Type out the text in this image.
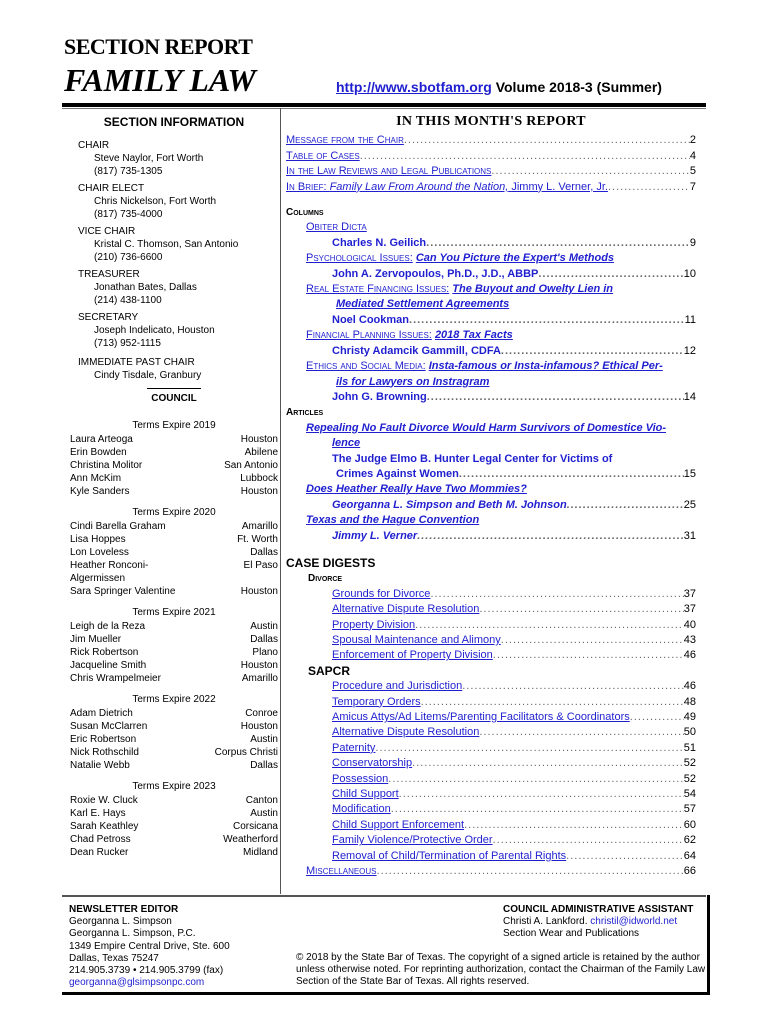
SECTION REPORT
FAMILY LAW	http://www.sbotfam.org Volume 2018-3 (Summer)
SECTION INFORMATION
CHAIR
Steve Naylor, Fort Worth
(817) 735-1305
CHAIR ELECT
Chris Nickelson, Fort Worth
(817) 735-4000
VICE CHAIR
Kristal C. Thomson, San Antonio
(210) 736-6600
TREASURER
Jonathan Bates, Dallas
(214) 438-1100
SECRETARY
Joseph Indelicato, Houston
(713) 952-1115
IMMEDIATE PAST CHAIR
Cindy Tisdale, Granbury
COUNCIL
Terms Expire 2019
Laura Arteoga	Houston
Erin Bowden	Abilene
Christina Molitor	San Antonio
Ann McKim	Lubbock
Kyle Sanders	Houston
Terms Expire 2020
Cindi Barella Graham	Amarillo
Lisa Hoppes	Ft. Worth
Lon Loveless	Dallas
Heather Ronconi-Algermissen
El Paso
Sara Springer Valentine	Houston
Terms Expire 2021
Leigh de la Reza	Austin
Jim Mueller	Dallas
Rick Robertson	Plano
Jacqueline Smith	Houston
Chris Wrampelmeier	Amarillo
Terms Expire 2022
Adam Dietrich	Conroe
Susan McClarren	Houston
Eric Robertson	Austin
Nick Rothschild	Corpus Christi
Natalie Webb	Dallas
Terms Expire 2023
Roxie W. Cluck	Canton
Karl E. Hays	Austin
Sarah Keathley	Corsicana
Chad Petross	Weatherford
Dean Rucker	Midland
IN THIS MONTH'S REPORT
Message from the Chair .....	2
Table of Cases .....	4
In the Law Reviews and Legal Publications .....	5
In Brief: Family Law From Around the Nation, Jimmy L. Verner, Jr. .....	7
Columns
Obiter Dicta
Charles N. Geilich .....	9
Psychological Issues: Can You Picture the Expert's Methods
John A. Zervopoulos, Ph.D., J.D., ABBP .....	10
Real Estate Financing Issues: The Buyout and Owelty Lien in
Mediated Settlement Agreements
Noel Cookman .....	11
Financial Planning Issues: 2018 Tax Facts
Christy Adamcik Gammill, CDFA .....	12
Ethics and Social Media: Insta-famous or Insta-infamous? Ethical Per-
ils for Lawyers on Instragram
John G. Browning .....	14
Articles
Repealing No Fault Divorce Would Harm Survivors of Domestice Vio-
lence
The Judge Elmo B. Hunter Legal Center for Victims of
Crimes Against Women .....	15
Does Heather Really Have Two Mommies?
Georganna L. Simpson and Beth M. Johnson .....	25
Texas and the Hague Convention
Jimmy L. Verner .....	31
CASE DIGESTS
Divorce
Grounds for Divorce .....	37
Alternative Dispute Resolution .....	37
Property Division .....	40
Spousal Maintenance and Alimony .....	43
Enforcement of Property Division .....	46
SAPCR
Procedure and Jurisdiction .....	46
Temporary Orders .....	48
Amicus Attys/Ad Litems/Parenting Facilitators & Coordinators .....	49
Alternative Dispute Resolution .....	50
Paternity .....	51
Conservatorship .....	52
Possession .....	52
Child Support .....	54
Modification .....	57
Child Support Enforcement .....	60
Family Violence/Protective Order .....	62
Removal of Child/Termination of Parental Rights .....	64
Miscellaneous .....	66
NEWSLETTER EDITOR
Georganna L. Simpson
Georganna L. Simpson, P.C.
1349 Empire Central Drive, Ste. 600
Dallas, Texas 75247
214.905.3739 • 214.905.3799 (fax)
georganna@glsimpsonpc.com
COUNCIL ADMINISTRATIVE ASSISTANT
Christi A. Lankford. christil@idworld.net
Section Wear and Publications
© 2018 by the State Bar of Texas. The copyright of a signed article is retained by the author unless otherwise noted. For reprinting authorization, contact the Chairman of the Family Law Section of the State Bar of Texas. All rights reserved.
